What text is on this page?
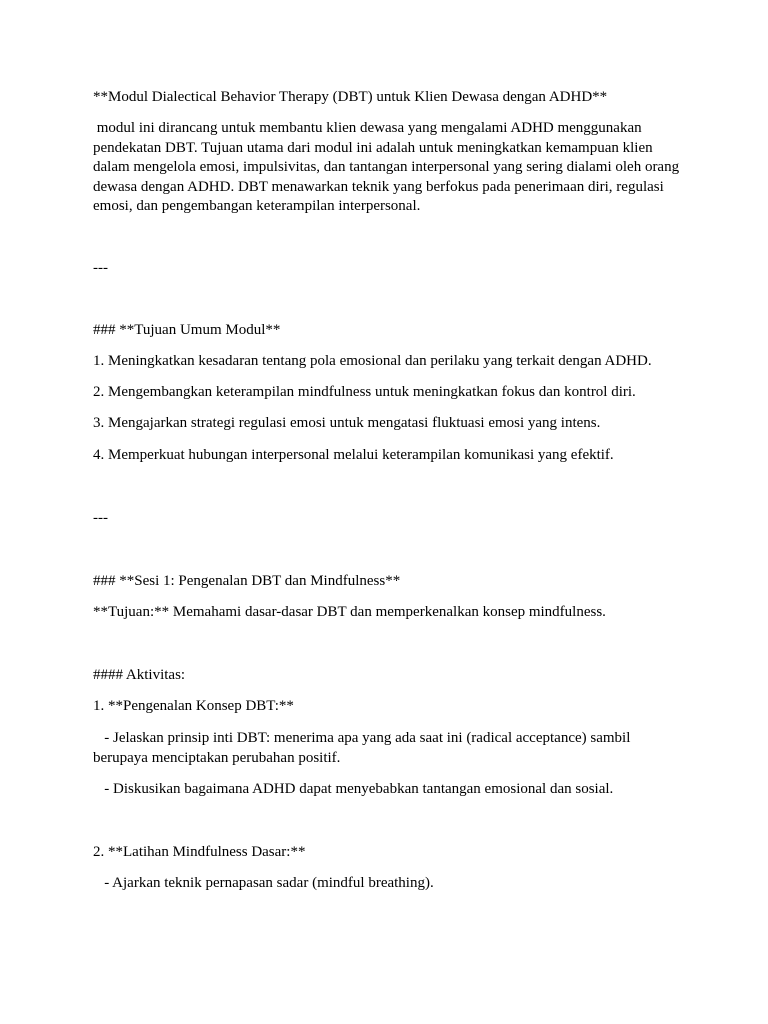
**Modul Dialectical Behavior Therapy (DBT) untuk Klien Dewasa dengan ADHD**

modul ini dirancang untuk membantu klien dewasa yang mengalami ADHD menggunakan pendekatan DBT. Tujuan utama dari modul ini adalah untuk meningkatkan kemampuan klien dalam mengelola emosi, impulsivitas, dan tantangan interpersonal yang sering dialami oleh orang dewasa dengan ADHD. DBT menawarkan teknik yang berfokus pada penerimaan diri, regulasi emosi, dan pengembangan keterampilan interpersonal.

---

### **Tujuan Umum Modul**

1. Meningkatkan kesadaran tentang pola emosional dan perilaku yang terkait dengan ADHD.

2. Mengembangkan keterampilan mindfulness untuk meningkatkan fokus dan kontrol diri.

3. Mengajarkan strategi regulasi emosi untuk mengatasi fluktuasi emosi yang intens.

4. Memperkuat hubungan interpersonal melalui keterampilan komunikasi yang efektif.

---

### **Sesi 1: Pengenalan DBT dan Mindfulness**

**Tujuan:** Memahami dasar-dasar DBT dan memperkenalkan konsep mindfulness.

#### Aktivitas:

1. **Pengenalan Konsep DBT:**

- Jelaskan prinsip inti DBT: menerima apa yang ada saat ini (radical acceptance) sambil berupaya menciptakan perubahan positif.

- Diskusikan bagaimana ADHD dapat menyebabkan tantangan emosional dan sosial.

2. **Latihan Mindfulness Dasar:**

- Ajarkan teknik pernapasan sadar (mindful breathing).
